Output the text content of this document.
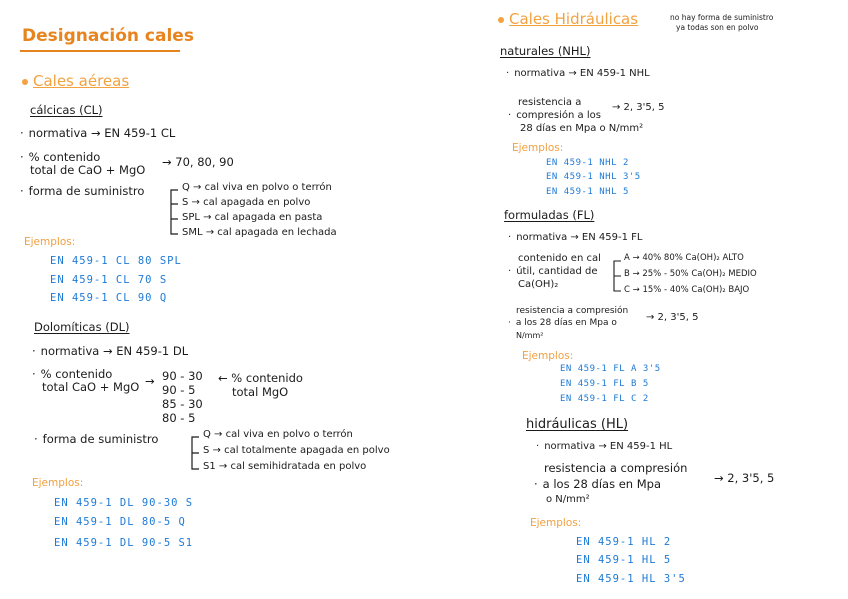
Designación cales
Cales aéreas
cálcicas (CL)
· normativa → EN 459-1 CL
· % contenido
total de CaO + MgO
→ 70, 80, 90
· forma de suministro	Q → cal viva en polvo o terrón
S → cal apagada en polvo
SPL → cal apagada en pasta
SML → cal apagada en lechada
Ejemplos:
EN 459-1 CL 80 SPL
EN 459-1 CL 70 S
EN 459-1 CL 90 Q
Dolomíticas (DL)
· normativa → EN 459-1 DL
· % contenido
total CaO + MgO → 90 - 30
90 - 5
85 - 30
80 - 5
← % contenido
total MgO
· forma de suministro	Q → cal viva en polvo o terrón
S → cal totalmente apagada en polvo
S1 → cal semihidratada en polvo
Ejemplos:
EN 459-1 DL 90-30 S
EN 459-1 DL 80-5 Q
EN 459-1 DL 90-5 S1
Cales Hidráulicas	no hay forma de suministro
ya todas son en polvo
naturales (NHL)
· normativa → EN 459-1 NHL
resistencia a
· compresión a los
28 días en Mpa o N/mm²
→ 2, 3'5, 5
Ejemplos:
EN 459-1 NHL 2
EN 459-1 NHL 3'5
EN 459-1 NHL 5
formuladas (FL)
· normativa → EN 459-1 FL
contenido en cal
· útil, cantidad de
Ca(OH)₂
A → 40% 80% Ca(OH)₂ ALTO
B → 25% - 50% Ca(OH)₂ MEDIO
C → 15% - 40% Ca(OH)₂ BAJO
resistencia a compresión
· a los 28 días en Mpa o
N/mm²
→ 2, 3'5, 5
Ejemplos:
EN 459-1 FL A 3'5
EN 459-1 FL B 5
EN 459-1 FL C 2
hidráulicas (HL)
· normativa → EN 459-1 HL
resistencia a compresión
· a los 28 días en Mpa
o N/mm²
→ 2, 3'5, 5
Ejemplos:
EN 459-1 HL 2
EN 459-1 HL 5
EN 459-1 HL 3'5
